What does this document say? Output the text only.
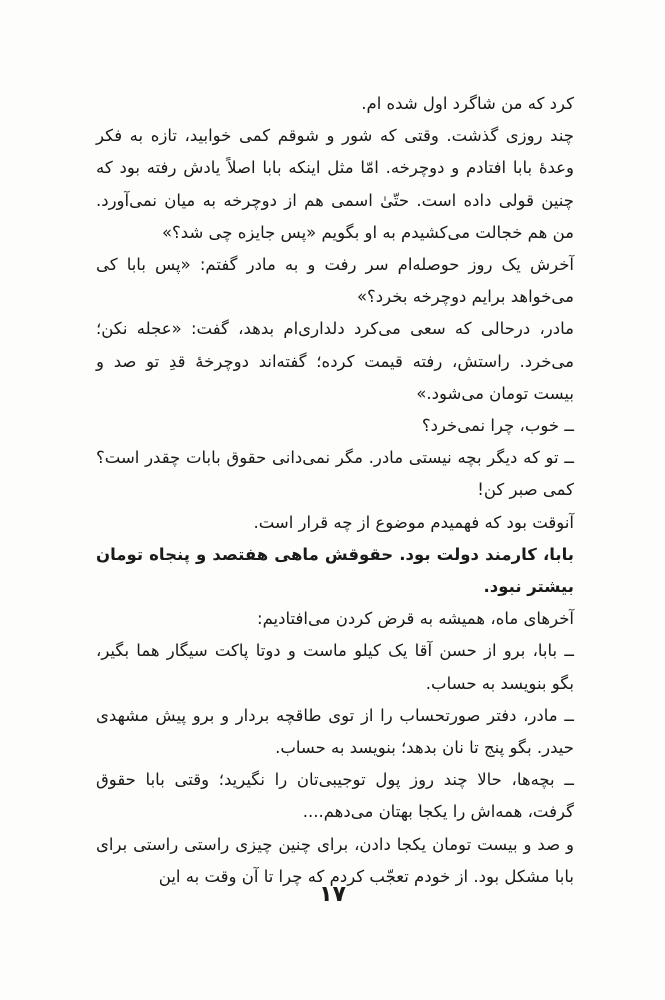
کرد که من شاگرد اول شده ام.

چند روزی گذشت. وقتی که شور و شوقم کمی خوابید، تازه به فکر وعدهٔ بابا افتادم و دوچرخه. امّا مثل اینکه بابا اصلاً یادش رفته بود که چنین قولی داده است. حتّیٰ اسمی هم از دوچرخه به میان نمی‌آورد. من هم خجالت می‌کشیدم به او بگویم «پس جایزه چی شد؟»

آخرش یک روز حوصله‌ام سر رفت و به مادر گفتم: «پس بابا کی می‌خواهد برایم دوچرخه بخرد؟»

مادر، درحالی که سعی می‌کرد دلداری‌ام بدهد، گفت: «عجله نکن؛ می‌خرد. راستش، رفته قیمت کرده؛ گفته‌اند دوچرخهٔ قدِ تو صد و بیست تومان می‌شود.»

ــ خوب، چرا نمی‌خرد؟

ــ تو که دیگر بچه نیستی مادر. مگر نمی‌دانی حقوق بابات چقدر است؟ کمی صبر کن!

آنوقت بود که فهمیدم موضوع از چه قرار است.

بابا، کارمند دولت بود. حقوقش ماهی هفتصد و پنجاه تومان بیشتر نبود.

آخرهای ماه، همیشه به قرض کردن می‌افتادیم:

ــ بابا، برو از حسن آقا یک کیلو ماست و دوتا پاکت سیگار هما بگیر، بگو بنویسد به حساب.

ــ مادر، دفتر صورتحساب را از توی طاقچه بردار و برو پیش مشهدی حیدر. بگو پنج تا نان بدهد؛ بنویسد به حساب.

ــ بچه‌ها، حالا چند روز پول توجیبی‌تان را نگیرید؛ وقتی بابا حقوق گرفت، همه‌اش را یکجا بهتان می‌دهم....

و صد و بیست تومان یکجا دادن، برای چنین چیزی راستی راستی برای بابا مشکل بود. از خودم تعجّب کردم که چرا تا آن وقت به این

۱۷
